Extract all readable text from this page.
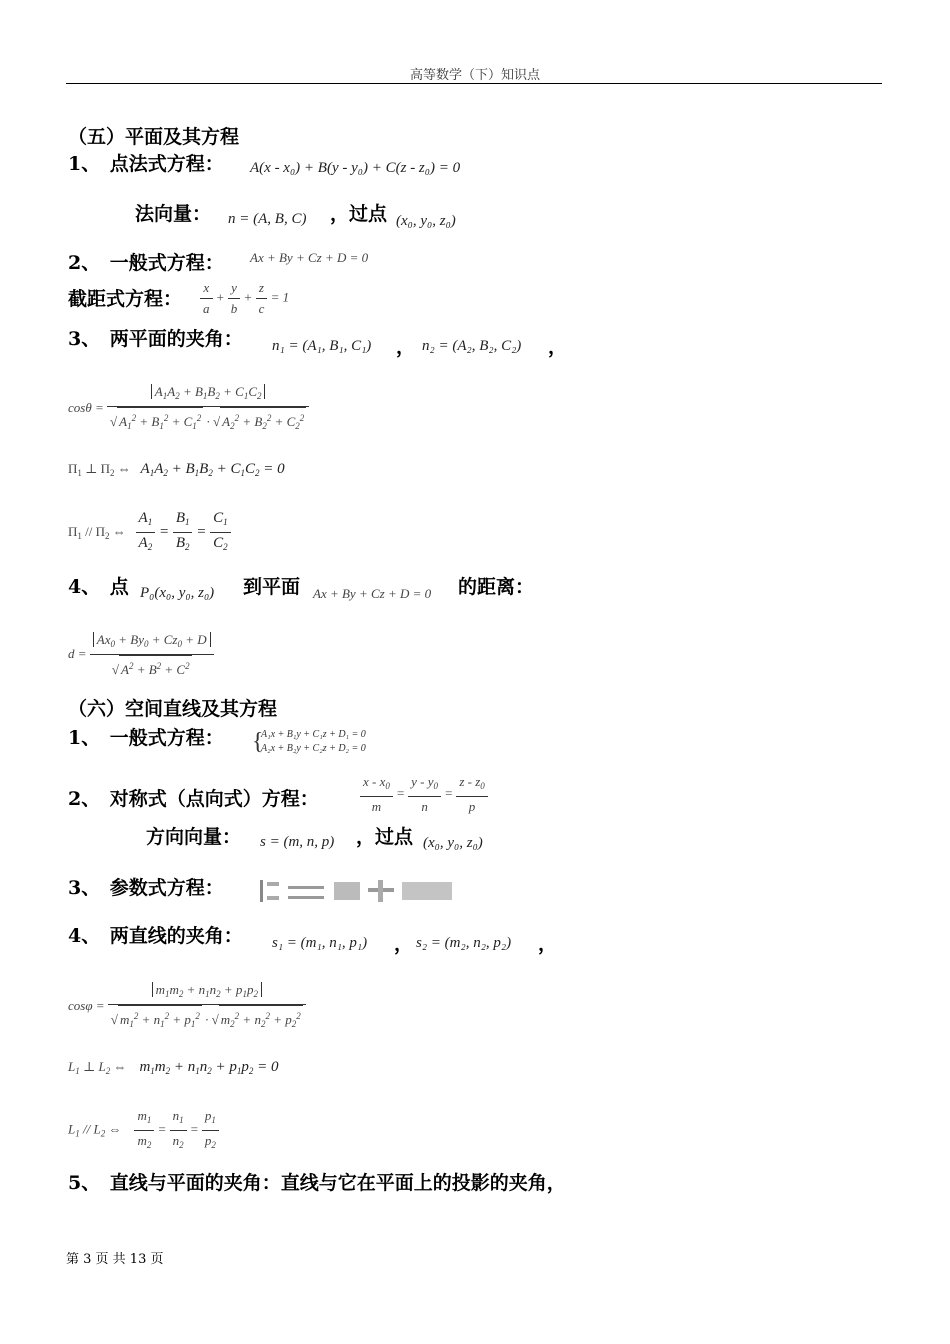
高等数学（下）知识点
（五）平面及其方程
1、　点法式方程： A(x - x₀) + B(y - y₀) + C(z - z₀) = 0
法向量： n = (A, B, C) ，过点 (x₀, y₀, z₀)
2、　一般式方程： Ax + By + Cz + D = 0
截距式方程： $\frac{x}{a} + \frac{y}{b} + \frac{z}{c} = 1$
3、　两平面的夹角： n₁ = (A₁, B₁, C₁) ， n₂ = (A₂, B₂, C₂) ，
$\cos\theta = \frac{A_1A_2 + B_1B_2 + C_1C_2}{√ A_1^2 + B_1^2 + C_1^2 \cdot √ A_2^2 + B_2^2 + C_2^2}$
$\Pi_1$ ⊥ $\Pi_2$ ⇔   $A_1A_2 + B_1B_2 + C_1C_2 = 0$
$\Pi_1 // \Pi_2$ ⇔ $\frac{A_1}{A_2} = \frac{B_1}{B_2} = \frac{C_1}{C_2}$
4、　点 P₀(x₀, y₀, z₀) 到平面 Ax + By + Cz + D = 0 的距离：
$d = \frac{Ax_0 + By_0 + Cz_0 + D}{√ A^2 + B^2 + C^2}$
（六）空间直线及其方程
1、　一般式方程： {
A₁x + B₁y + C₁z + D₁ = 0
A₂x + B₂y + C₂z + D₂ = 0
2、　对称式（点向式）方程：	$\frac{x - x_0}{m} = \frac{y - y_0}{n} = \frac{z - z_0}{p}$
方向向量： s = (m, n, p) ，过点 (x₀, y₀, z₀)
3、　参数式方程：
4、　两直线的夹角： s₁ = (m₁, n₁, p₁) ， s₂ = (m₂, n₂, p₂) ，
$\cos\varphi = \frac{m_1m_2 + n_1n_2 + p_1p_2}{√ m_1^2 + n_1^2 + p_1^2 \cdot √ m_2^2 + n_2^2 + p_2^2}$
$L_1$ ⊥ $L_2$ ⇔    $m_1m_2 + n_1n_2 + p_1p_2 = 0$
$L_1 // L_2$ ⇔ $\frac{m_1}{m_2} = \frac{n_1}{n_2} = \frac{p_1}{p_2}$
5、　直线与平面的夹角：直线与它在平面上的投影的夹角，
第 3 页 共 13 页
